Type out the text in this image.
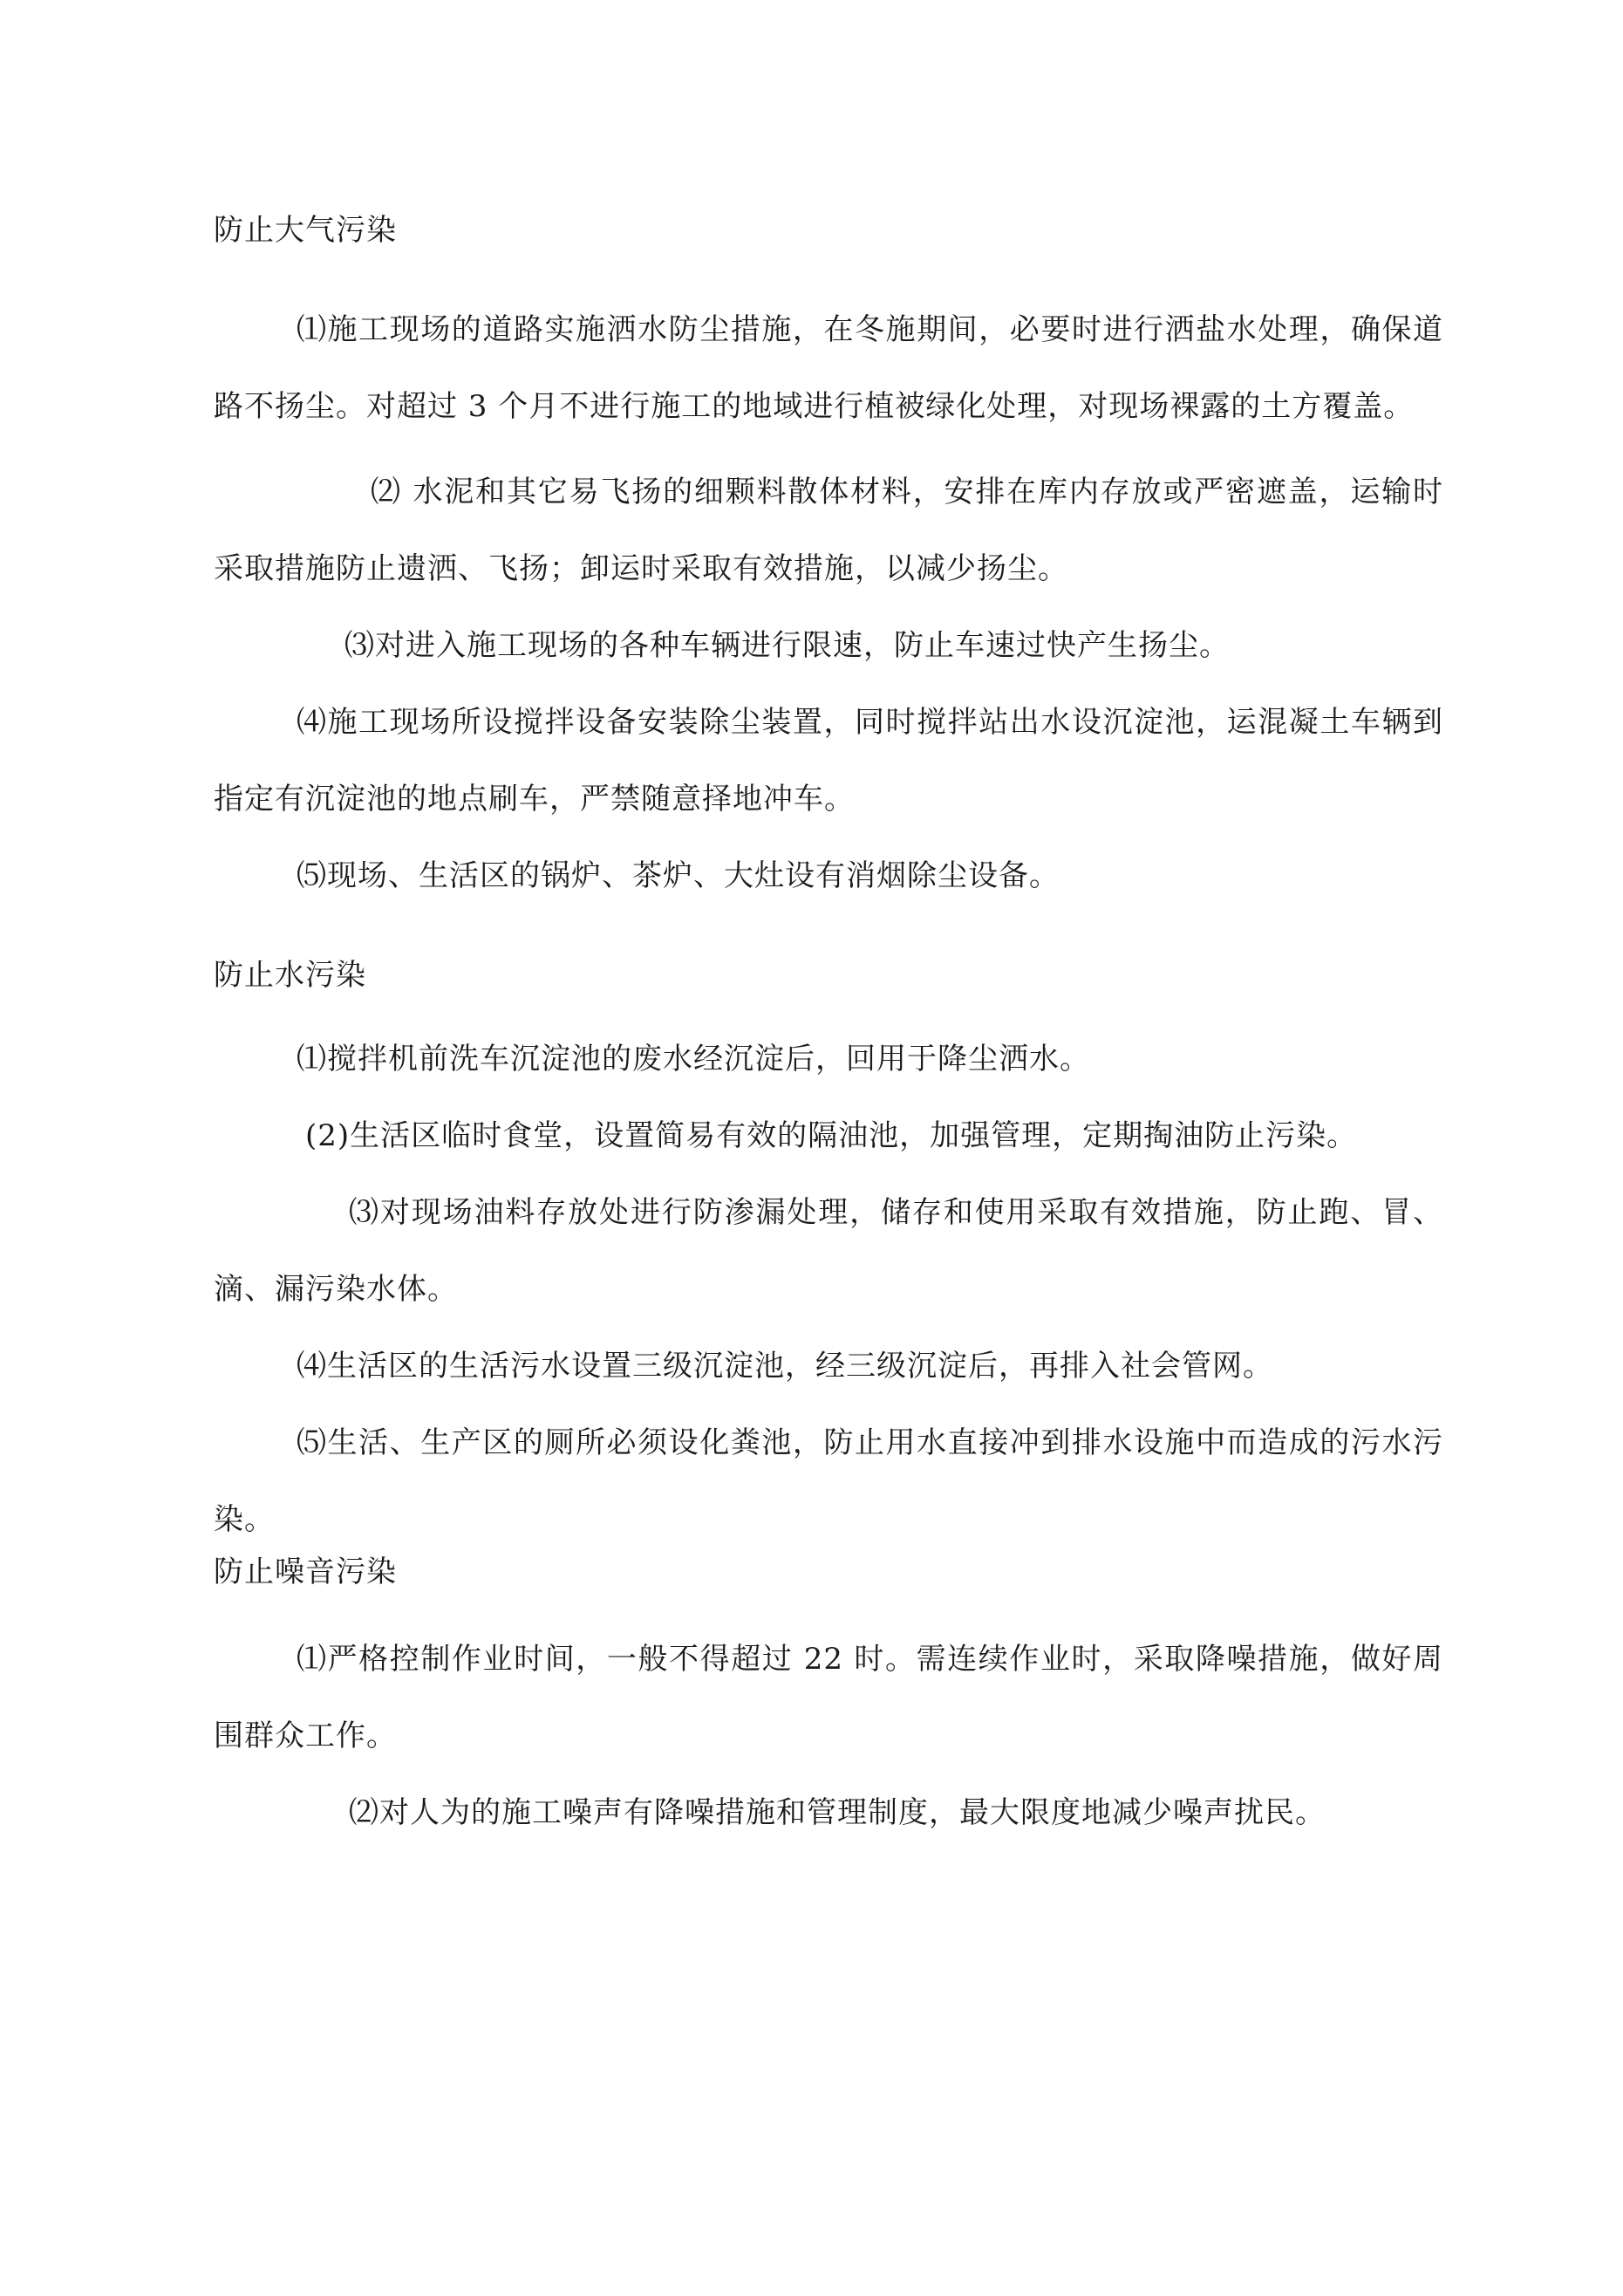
防止大气污染

⑴施工现场的道路实施洒水防尘措施，在冬施期间，必要时进行洒盐水处理，确保道路不扬尘。对超过 3 个月不进行施工的地域进行植被绿化处理，对现场裸露的土方覆盖。

⑵ 水泥和其它易飞扬的细颗料散体材料，安排在库内存放或严密遮盖，运输时采取措施防止遗洒、飞扬；卸运时采取有效措施，以减少扬尘。

⑶对进入施工现场的各种车辆进行限速，防止车速过快产生扬尘。

⑷施工现场所设搅拌设备安装除尘装置，同时搅拌站出水设沉淀池，运混凝土车辆到指定有沉淀池的地点刷车，严禁随意择地冲车。

⑸现场、生活区的锅炉、茶炉、大灶设有消烟除尘设备。

防止水污染

⑴搅拌机前洗车沉淀池的废水经沉淀后，回用于降尘洒水。

(2)生活区临时食堂，设置简易有效的隔油池，加强管理，定期掏油防止污染。

⑶对现场油料存放处进行防渗漏处理，储存和使用采取有效措施，防止跑、冒、滴、漏污染水体。

⑷生活区的生活污水设置三级沉淀池，经三级沉淀后，再排入社会管网。

⑸生活、生产区的厕所必须设化粪池，防止用水直接冲到排水设施中而造成的污水污染。

防止噪音污染

⑴严格控制作业时间，一般不得超过 22 时。需连续作业时，采取降噪措施，做好周围群众工作。

⑵对人为的施工噪声有降噪措施和管理制度，最大限度地减少噪声扰民。
